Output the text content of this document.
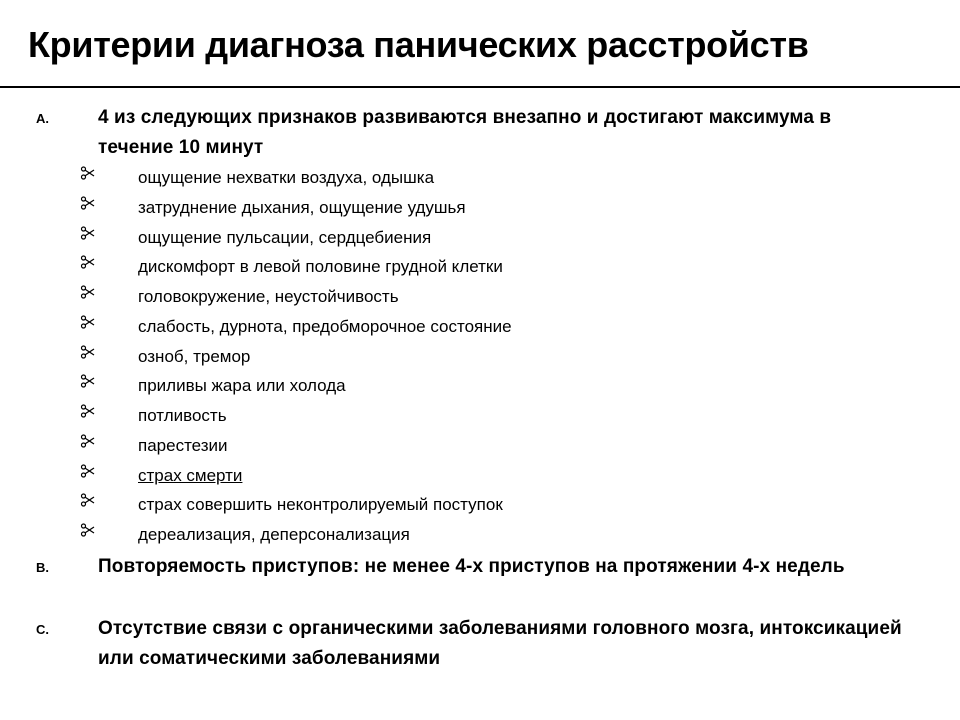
Критерии диагноза панических расстройств
A.	4 из следующих признаков развиваются внезапно и достигают максимума в течение 10 минут
ощущение нехватки воздуха, одышка
затруднение дыхания, ощущение удушья
ощущение пульсации, сердцебиения
дискомфорт в левой половине грудной клетки
головокружение, неустойчивость
слабость, дурнота, предобморочное состояние
озноб, тремор
приливы жара или холода
потливость
парестезии
страх смерти
страх совершить неконтролируемый поступок
дереализация, деперсонализация
B.	Повторяемость приступов: не менее 4-х приступов на протяжении 4-х недель
C.	Отсутствие связи с органическими заболеваниями головного мозга, интоксикацией или соматическими заболеваниями
